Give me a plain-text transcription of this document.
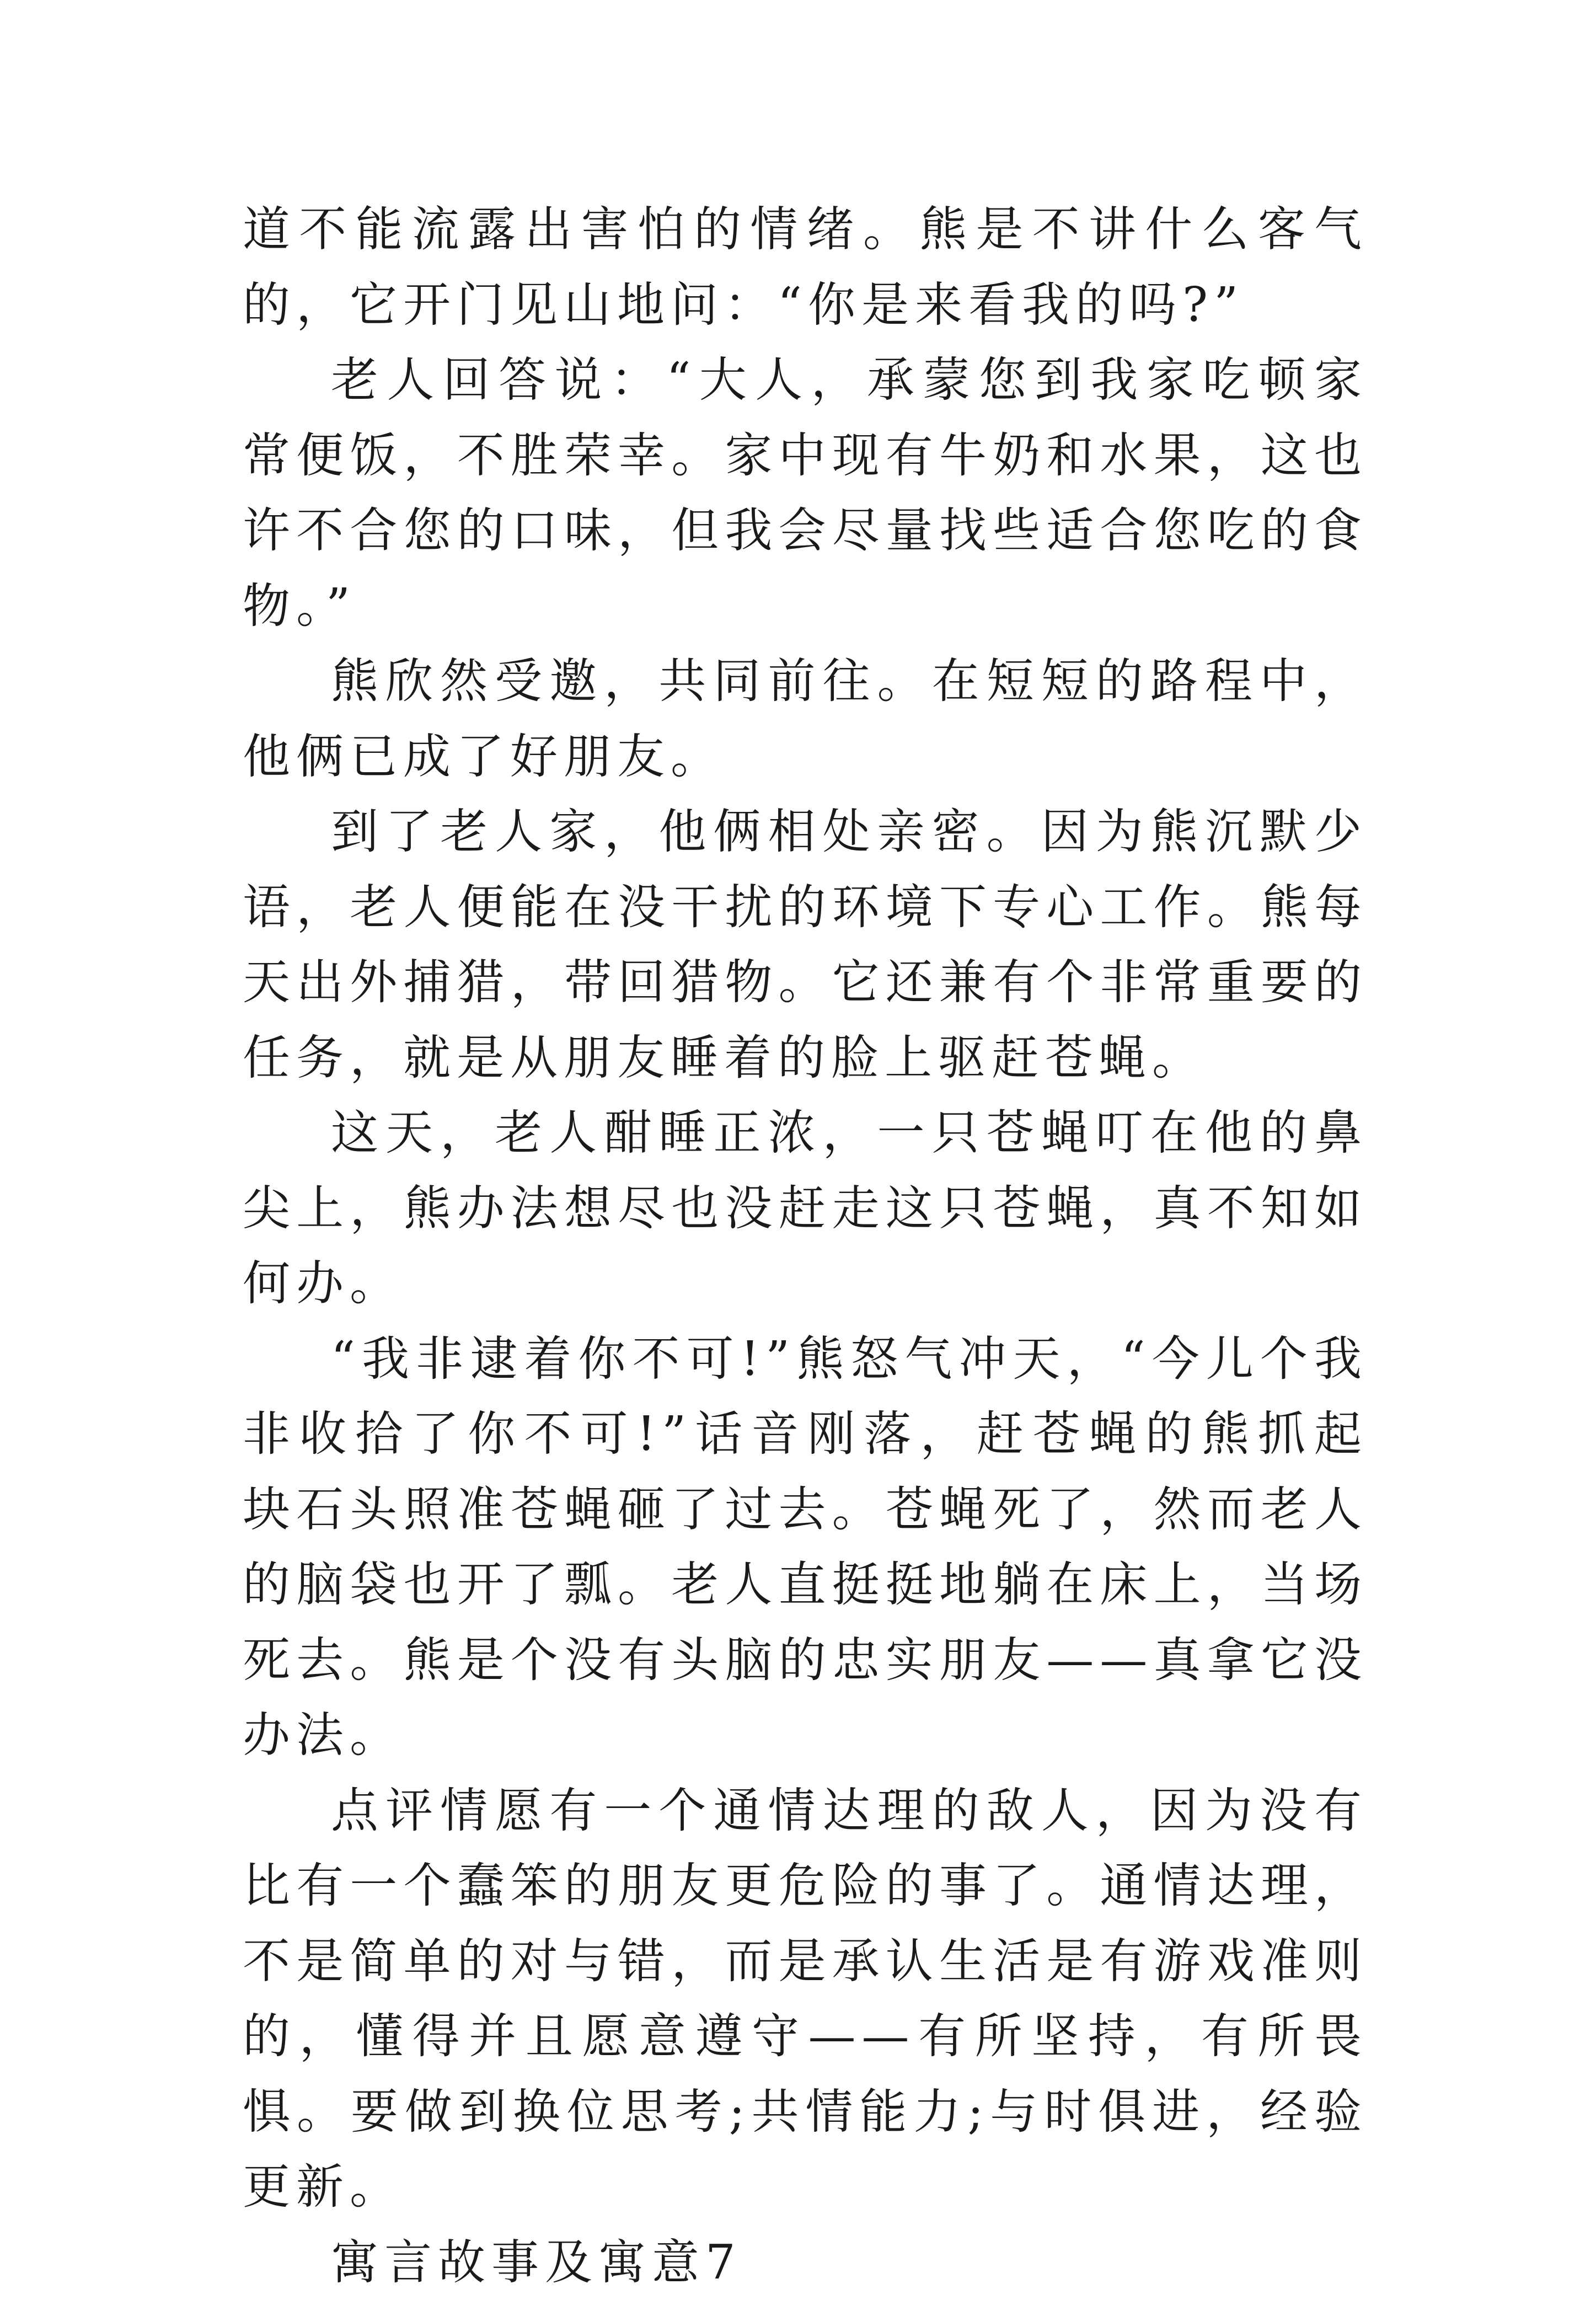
道不能流露出害怕的情绪。熊是不讲什么客气的，它开门见山地问：“你是来看我的吗?”

老人回答说：“大人，承蒙您到我家吃顿家常便饭，不胜荣幸。家中现有牛奶和水果，这也许不合您的口味，但我会尽量找些适合您吃的食物。”

熊欣然受邀，共同前往。在短短的路程中，他俩已成了好朋友。

到了老人家，他俩相处亲密。因为熊沉默少语，老人便能在没干扰的环境下专心工作。熊每天出外捕猎，带回猎物。它还兼有个非常重要的任务，就是从朋友睡着的脸上驱赶苍蝇。

这天，老人酣睡正浓，一只苍蝇叮在他的鼻尖上，熊办法想尽也没赶走这只苍蝇，真不知如何办。

“我非逮着你不可!”熊怒气冲天，“今儿个我非收拾了你不可!”话音刚落，赶苍蝇的熊抓起块石头照准苍蝇砸了过去。苍蝇死了，然而老人的脑袋也开了瓢。老人直挺挺地躺在床上，当场死去。熊是个没有头脑的忠实朋友——真拿它没办法。

点评情愿有一个通情达理的敌人，因为没有比有一个蠢笨的朋友更危险的事了。通情达理，不是简单的对与错，而是承认生活是有游戏准则的，懂得并且愿意遵守——有所坚持，有所畏惧。要做到换位思考;共情能力;与时俱进，经验更新。

寓言故事及寓意7
